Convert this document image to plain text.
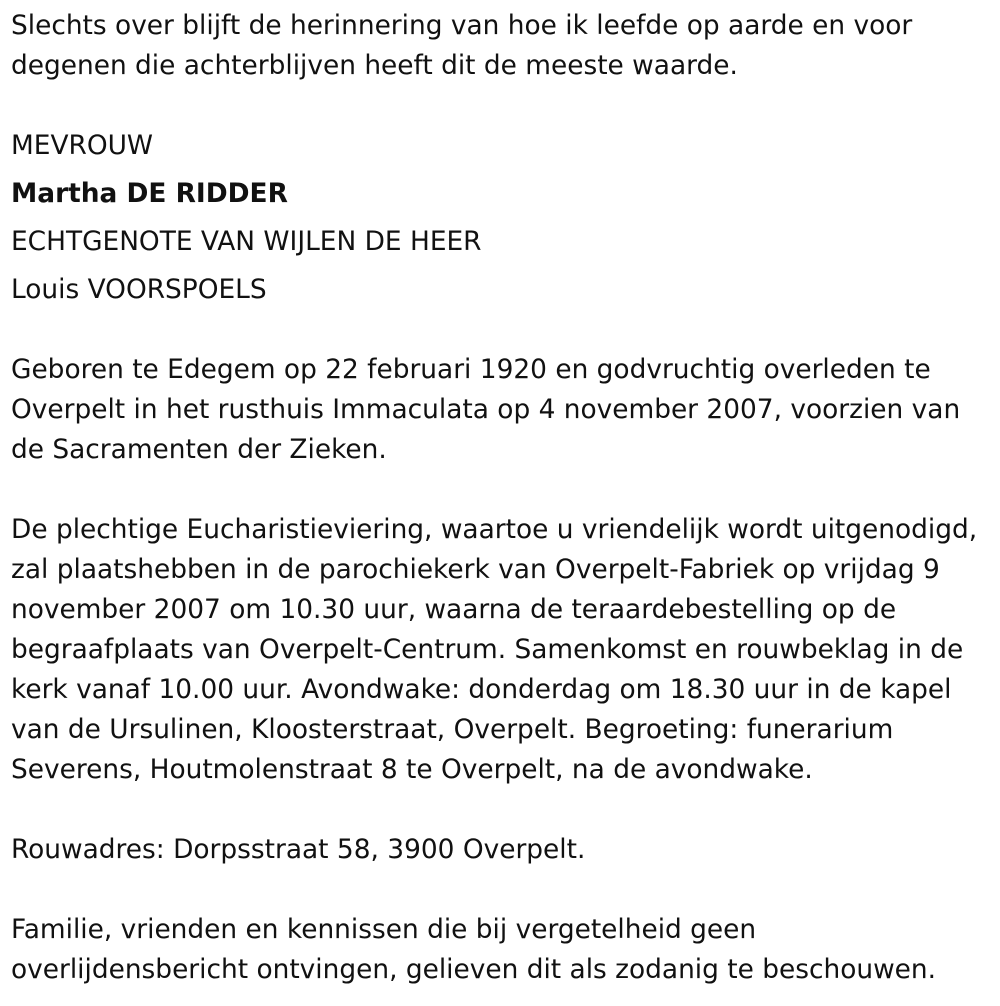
Slechts over blijft de herinnering van hoe ik leefde op aarde en voor
degenen die achterblijven heeft dit de meeste waarde.

MEVROUW
Martha DE RIDDER
ECHTGENOTE VAN WIJLEN DE HEER
Louis VOORSPOELS

Geboren te Edegem op 22 februari 1920 en godvruchtig overleden te
Overpelt in het rusthuis Immaculata op 4 november 2007, voorzien van
de Sacramenten der Zieken.

De plechtige Eucharistieviering, waartoe u vriendelijk wordt uitgenodigd,
zal plaatshebben in de parochiekerk van Overpelt-Fabriek op vrijdag 9
november 2007 om 10.30 uur, waarna de teraardebestelling op de
begraafplaats van Overpelt-Centrum. Samenkomst en rouwbeklag in de
kerk vanaf 10.00 uur. Avondwake: donderdag om 18.30 uur in de kapel
van de Ursulinen, Kloosterstraat, Overpelt. Begroeting: funerarium
Severens, Houtmolenstraat 8 te Overpelt, na de avondwake.

Rouwadres: Dorpsstraat 58, 3900 Overpelt.

Familie, vrienden en kennissen die bij vergetelheid geen
overlijdensbericht ontvingen, gelieven dit als zodanig te beschouwen.
